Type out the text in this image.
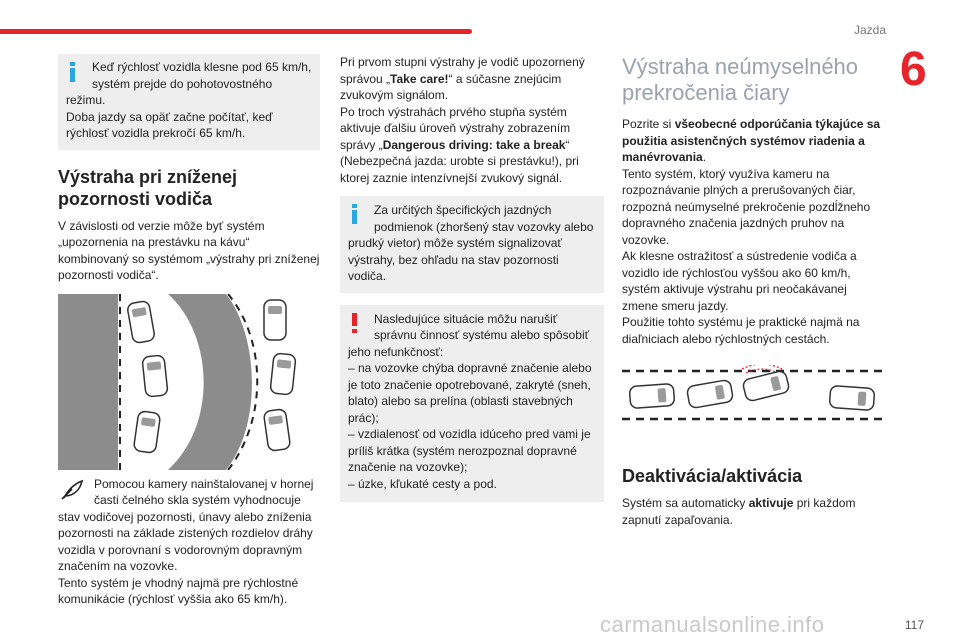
Jazda
6
Keď rýchlosť vozidla klesne pod 65 km/h, systém prejde do pohotovostného
režimu.
Doba jazdy sa opäť začne počítať, keď rýchlosť vozidla prekročí 65 km/h.
Výstraha pri zníženej pozornosti vodiča

V závislosti od verzie môže byť systém „upozornenia na prestávku na kávu“ kombinovaný so systémom „výstrahy pri zníženej pozornosti vodiča“.

Pomocou kamery nainštalovanej v hornej časti čelného skla systém vyhodnocuje
stav vodičovej pozornosti, únavy alebo zníženia pozornosti na základe zistených rozdielov dráhy vozidla v porovnaní s vodorovným dopravným značením na vozovke.
Tento systém je vhodný najmä pre rýchlostné komunikácie (rýchlosť vyššia ako 65 km/h).

Pri prvom stupni výstrahy je vodič upozornený správou „Take care!“ a súčasne znejúcim zvukovým signálom.

Po troch výstrahách prvého stupňa systém aktivuje ďalšiu úroveň výstrahy zobrazením správy „Dangerous driving: take a break“ (Nebezpečná jazda: urobte si prestávku!), pri ktorej zaznie intenzívnejší zvukový signál.

Za určitých špecifických jazdných podmienok (zhoršený stav vozovky alebo
prudký vietor) môže systém signalizovať výstrahy, bez ohľadu na stav pozornosti vodiča.
Nasledujúce situácie môžu narušiť správnu činnosť systému alebo spôsobiť
jeho nefunkčnosť:
– na vozovke chýba dopravné značenie alebo je toto značenie opotrebované, zakryté (sneh, blato) alebo sa prelína (oblasti stavebných prác);
– vzdialenosť od vozidla idúceho pred vami je príliš krátka (systém nerozpoznal dopravné značenie na vozovke);
– úzke, kľukaté cesty a pod.
Výstraha neúmyselného prekročenia čiary

Pozrite si všeobecné odporúčania týkajúce sa použitia asistenčných systémov riadenia a manévrovania.

Tento systém, ktorý využíva kameru na rozpoznávanie plných a prerušovaných čiar, rozpozná neúmyselné prekročenie pozdĺžneho dopravného značenia jazdných pruhov na vozovke.

Ak klesne ostražitosť a sústredenie vodiča a vozidlo ide rýchlosťou vyššou ako 60 km/h, systém aktivuje výstrahu pri neočakávanej zmene smeru jazdy.

Použitie tohto systému je praktické najmä na diaľniciach alebo rýchlostných cestách.

Deaktivácia/aktivácia

Systém sa automaticky aktivuje pri každom zapnutí zapaľovania.

117
carmanualsonline.info
